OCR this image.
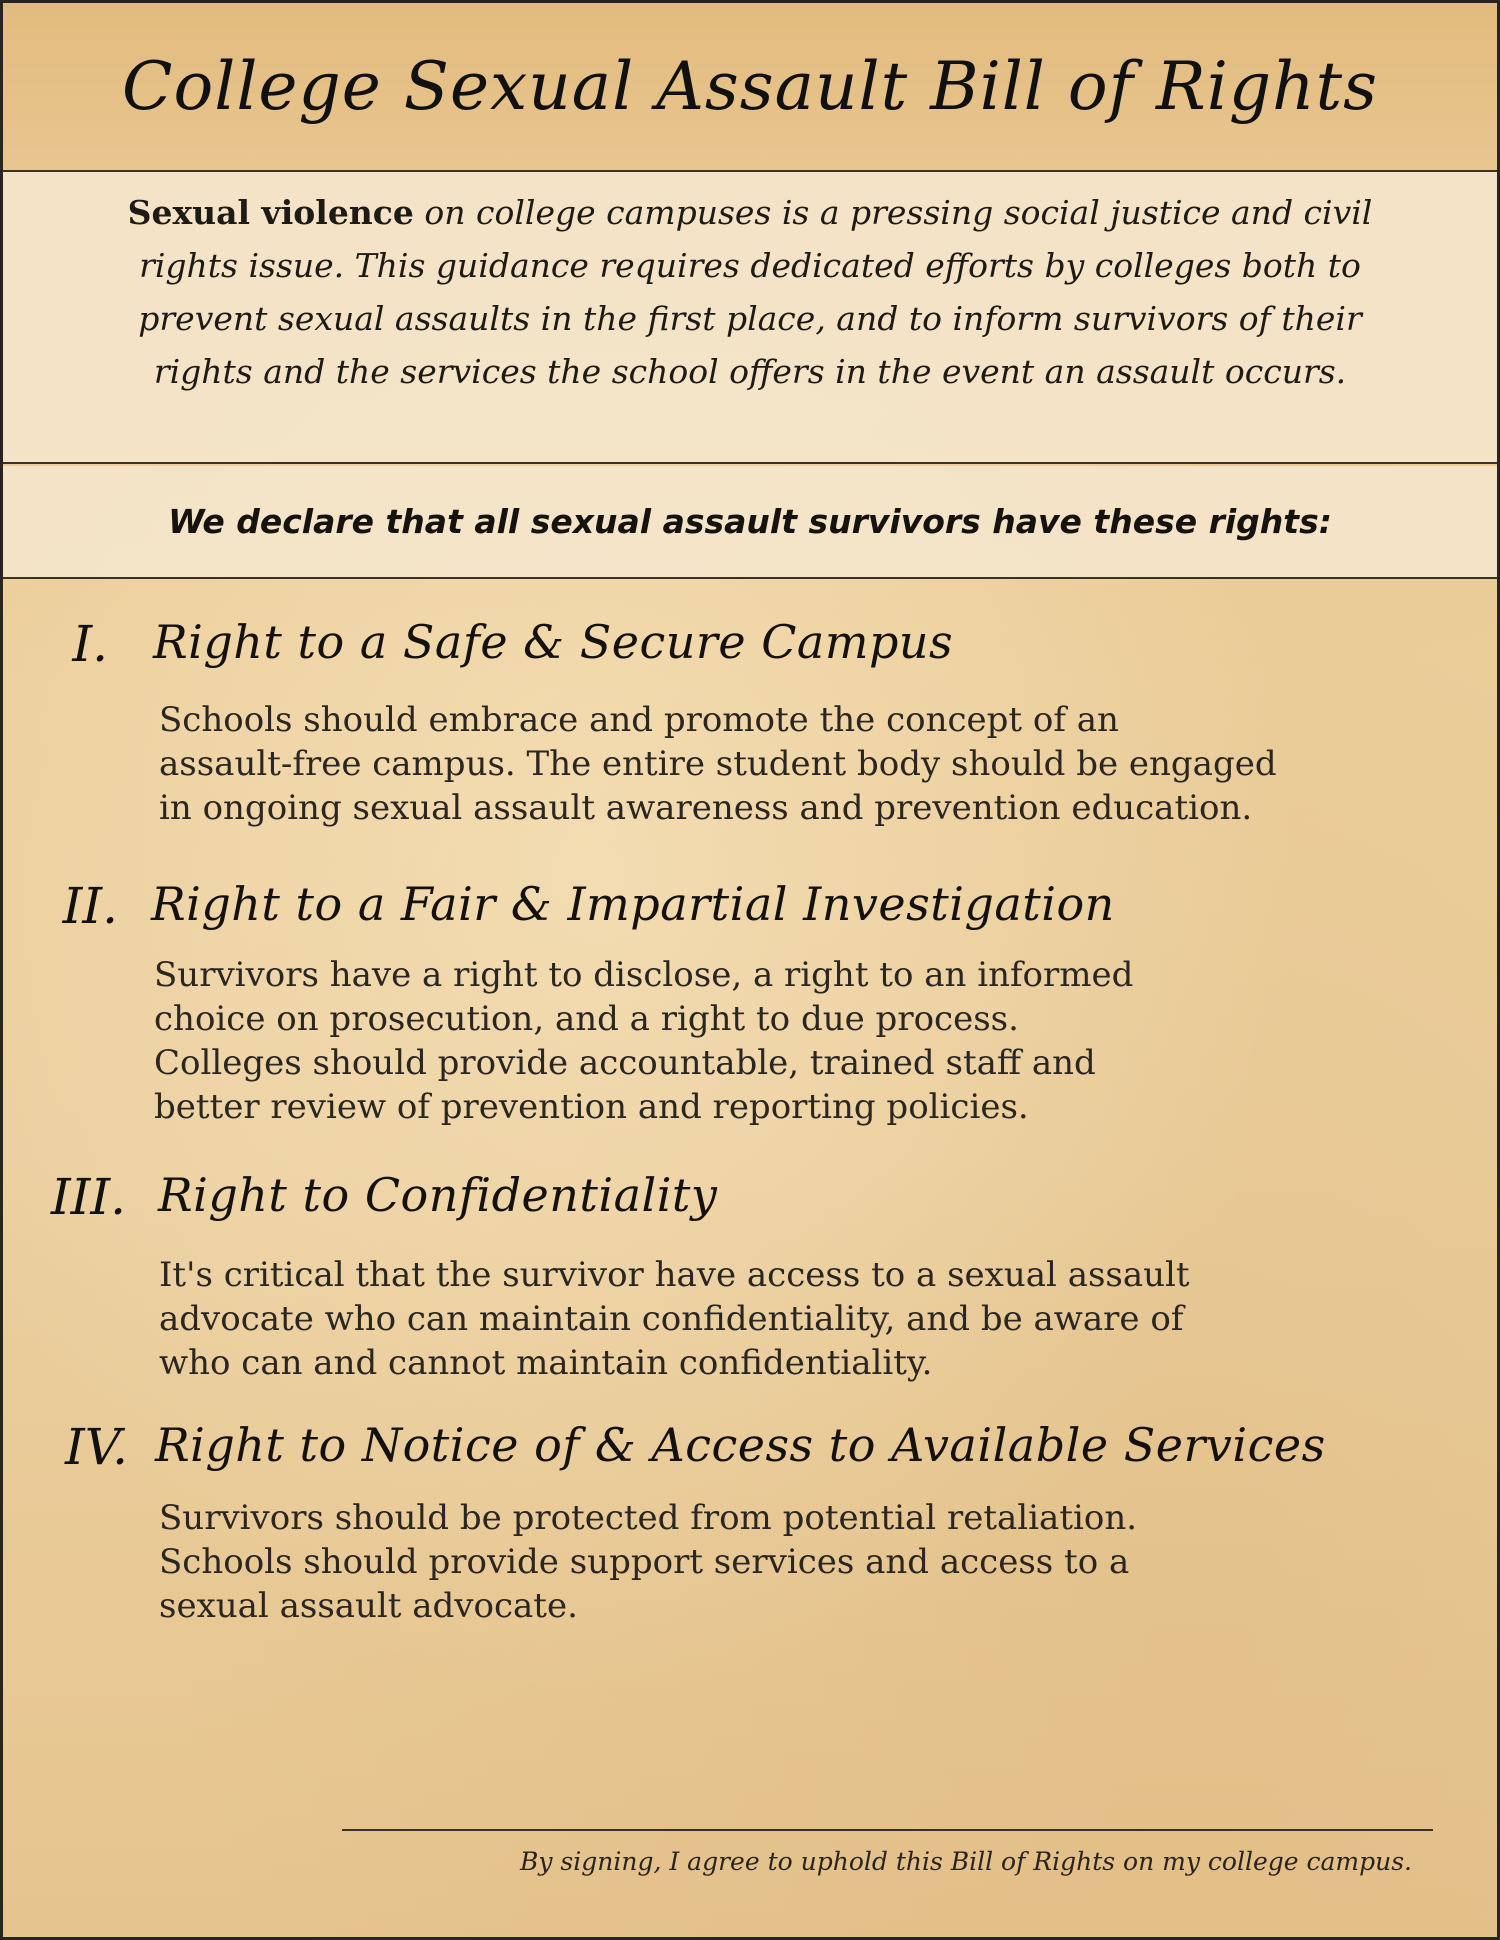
College Sexual Assault Bill of Rights
Sexual violence on college campuses is a pressing social justice and civil rights issue. This guidance requires dedicated efforts by colleges both to prevent sexual assaults in the first place, and to inform survivors of their rights and the services the school offers in the event an assault occurs.
We declare that all sexual assault survivors have these rights:
I. Right to a Safe & Secure Campus
Schools should embrace and promote the concept of an
assault-free campus. The entire student body should be engaged
in ongoing sexual assault awareness and prevention education.
II. Right to a Fair & Impartial Investigation
Survivors have a right to disclose, a right to an informed
choice on prosecution, and a right to due process.
Colleges should provide accountable, trained staff and
better review of prevention and reporting policies.
III. Right to Confidentiality
It's critical that the survivor have access to a sexual assault
advocate who can maintain confidentiality, and be aware of
who can and cannot maintain confidentiality.
IV. Right to Notice of & Access to Available Services
Survivors should be protected from potential retaliation.
Schools should provide support services and access to a
sexual assault advocate.
By signing, I agree to uphold this Bill of Rights on my college campus.
